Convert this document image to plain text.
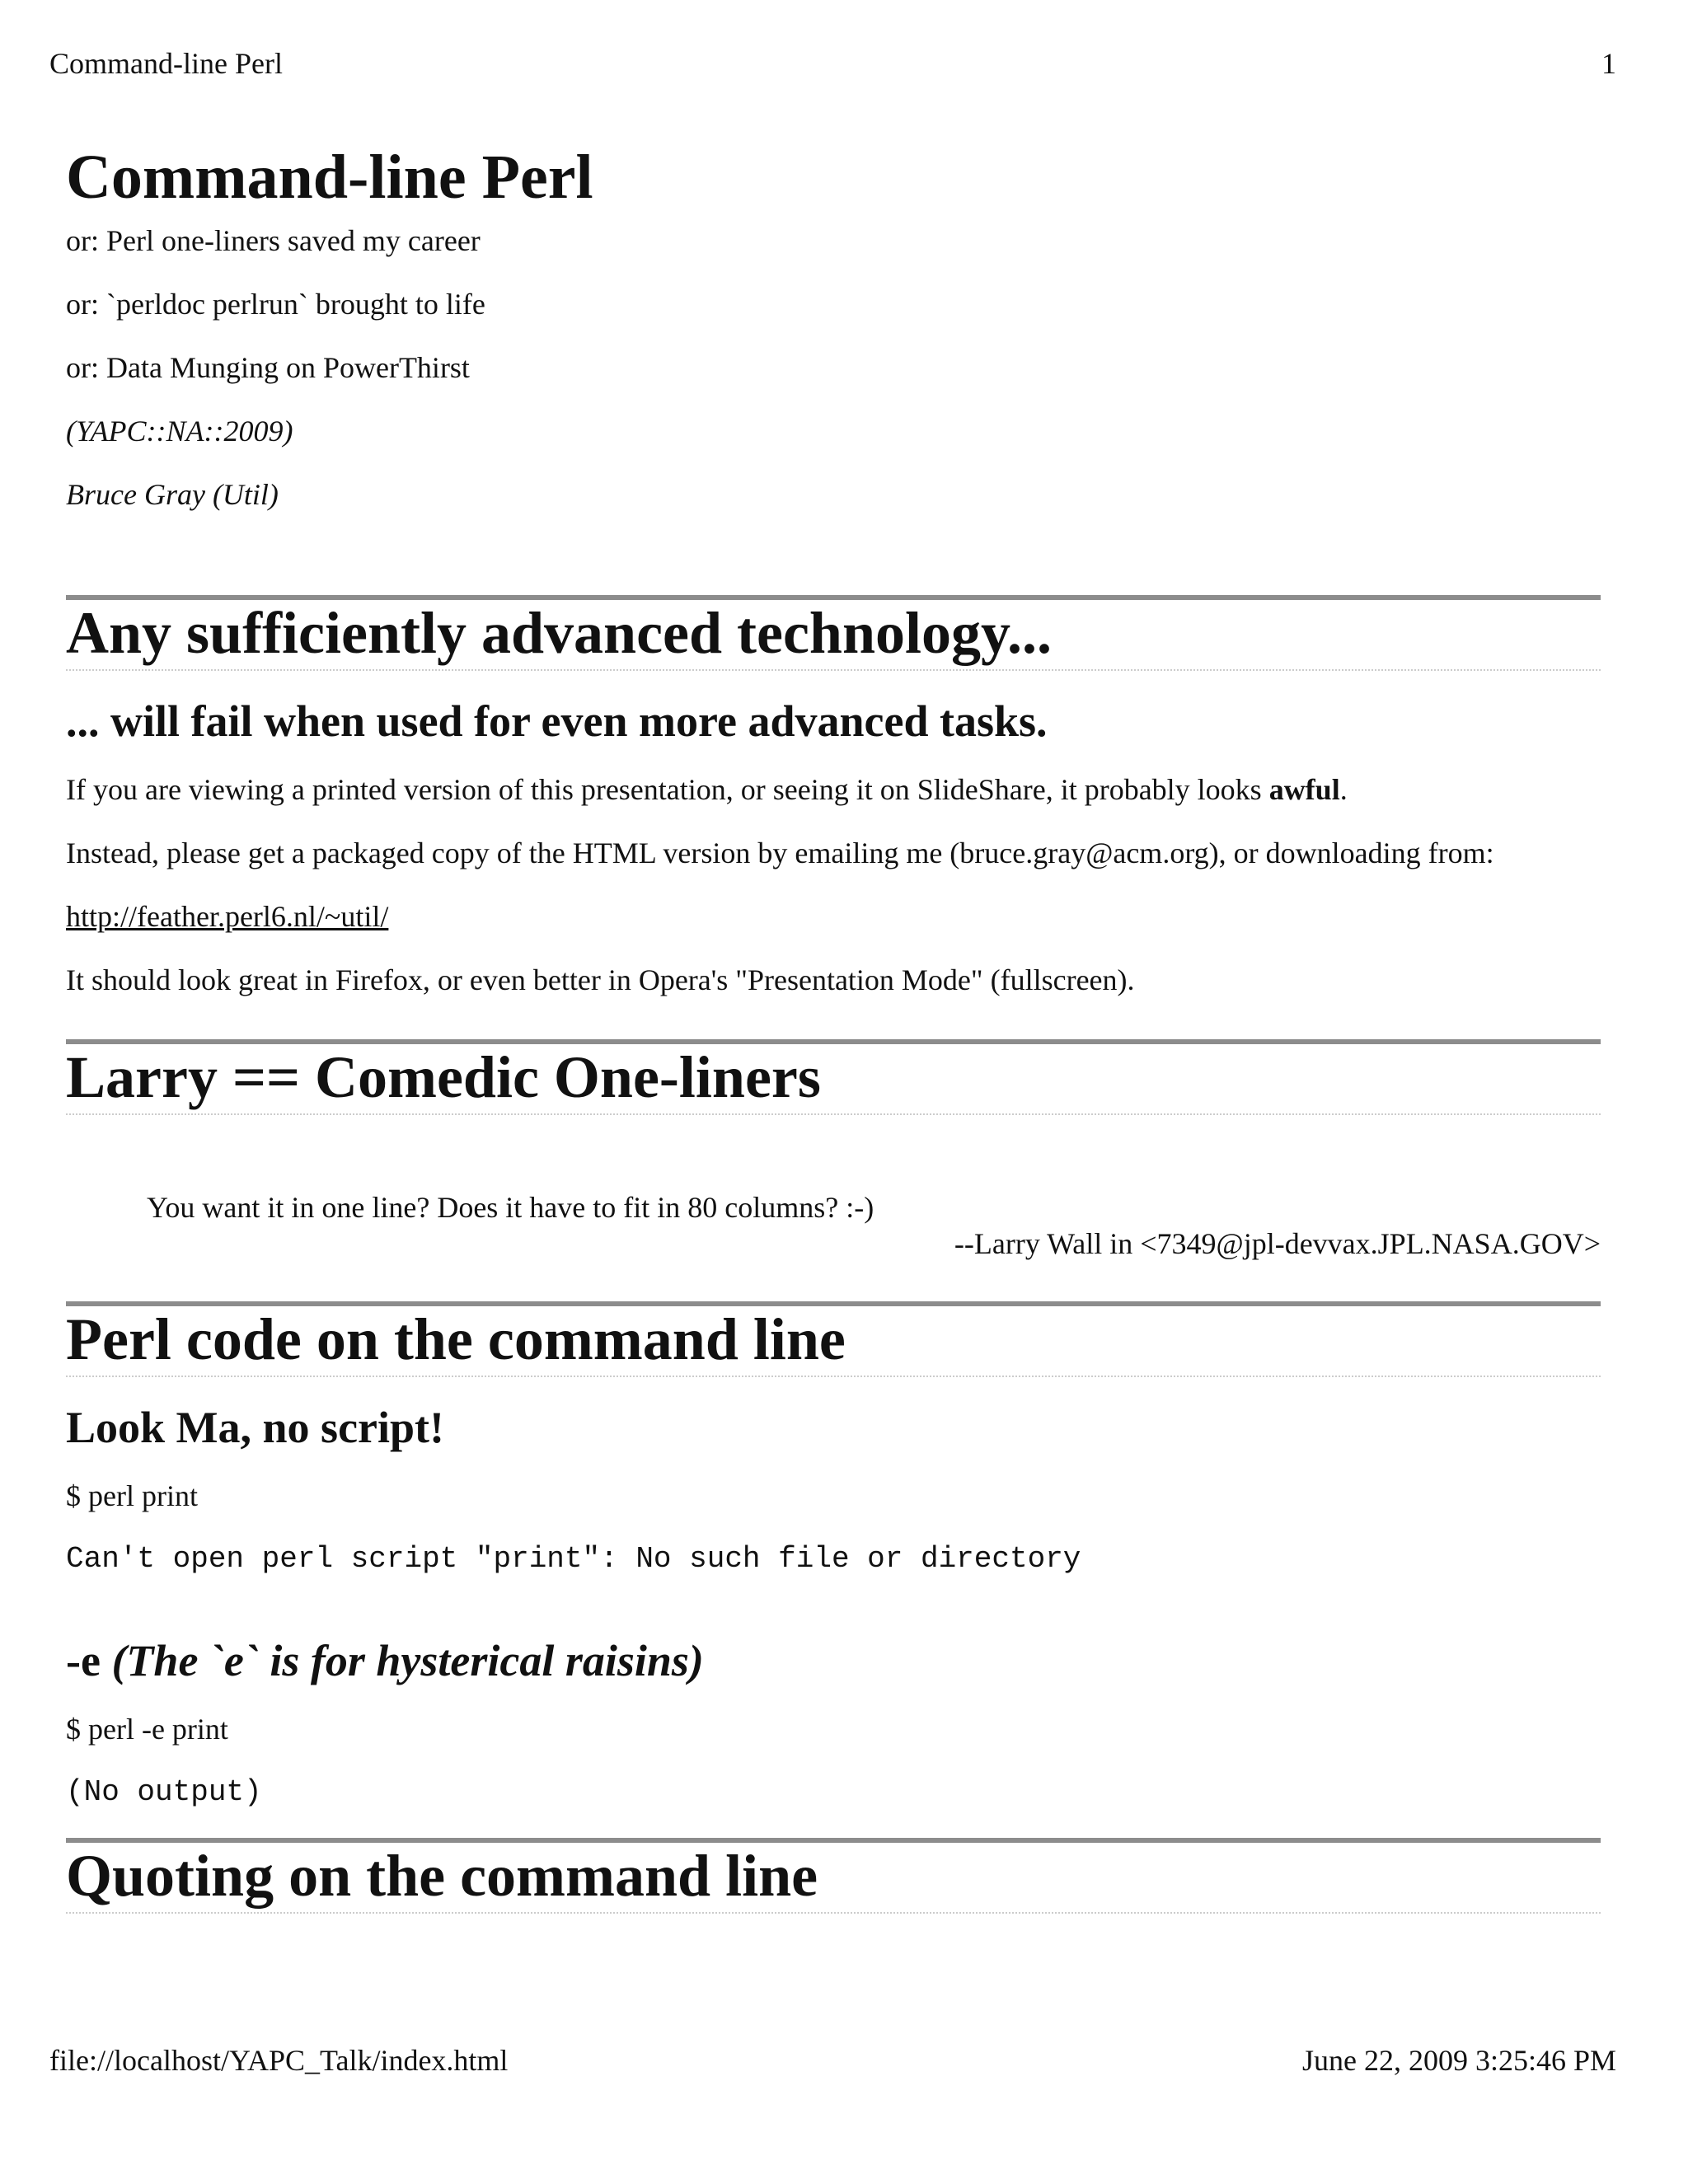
Command-line Perl	1
Command-line Perl

or: Perl one-liners saved my career

or: `perldoc perlrun` brought to life

or: Data Munging on PowerThirst

(YAPC::NA::2009)

Bruce Gray (Util)

Any sufficiently advanced technology...
... will fail when used for even more advanced tasks.

If you are viewing a printed version of this presentation, or seeing it on SlideShare, it probably looks awful.

Instead, please get a packaged copy of the HTML version by emailing me (bruce.gray@acm.org), or downloading from:

http://feather.perl6.nl/~util/

It should look great in Firefox, or even better in Opera's "Presentation Mode" (fullscreen).

Larry == Comedic One-liners

You want it in one line? Does it have to fit in 80 columns? :-)

--Larry Wall in <7349@jpl-devvax.JPL.NASA.GOV>

Perl code on the command line
Look Ma, no script!

$ perl print

Can't open perl script "print": No such file or directory
-e (The `e` is for hysterical raisins)

$ perl -e print

(No output)
Quoting on the command line
file://localhost/YAPC_Talk/index.html	June 22, 2009 3:25:46 PM
